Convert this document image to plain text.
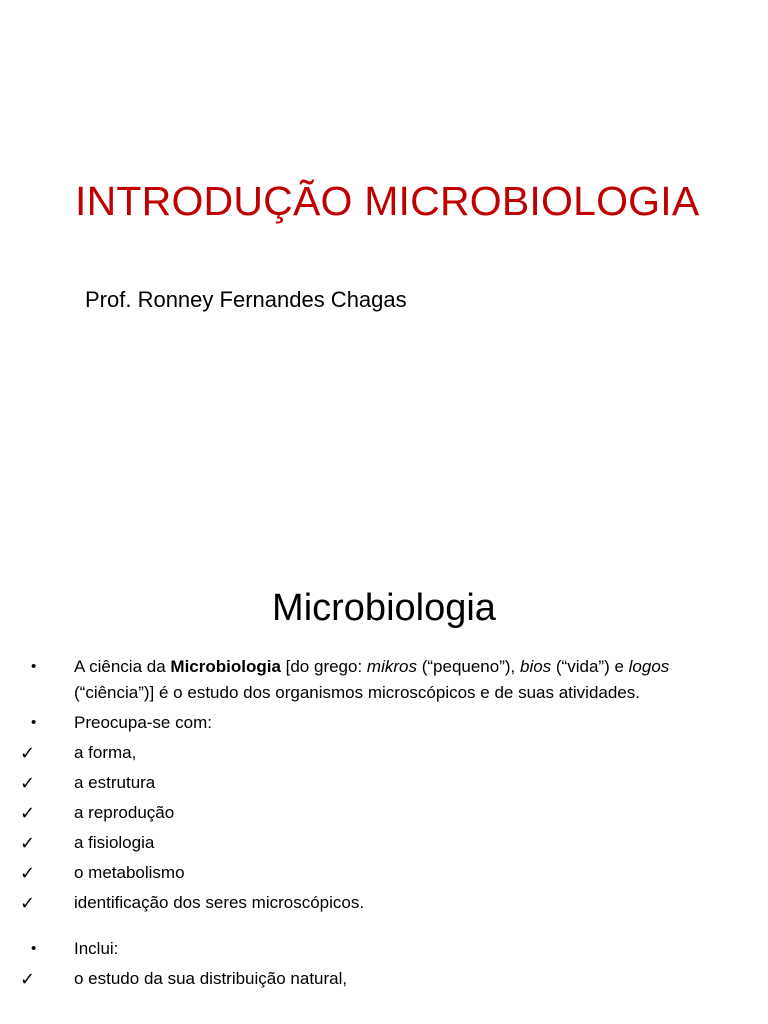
INTRODUÇÃO MICROBIOLOGIA

Prof. Ronney Fernandes Chagas

Microbiologia
•	A ciência da Microbiologia [do grego: mikros (“pequeno”), bios (“vida”) e logos (“ciência”)] é o estudo dos organismos microscópicos e de suas atividades.
•	Preocupa-se com:
✓ a forma,
✓ a estrutura
✓ a reprodução
✓ a fisiologia
✓ o metabolismo
✓ identificação dos seres microscópicos.
•	Inclui:
✓ o estudo da sua distribuição natural,
